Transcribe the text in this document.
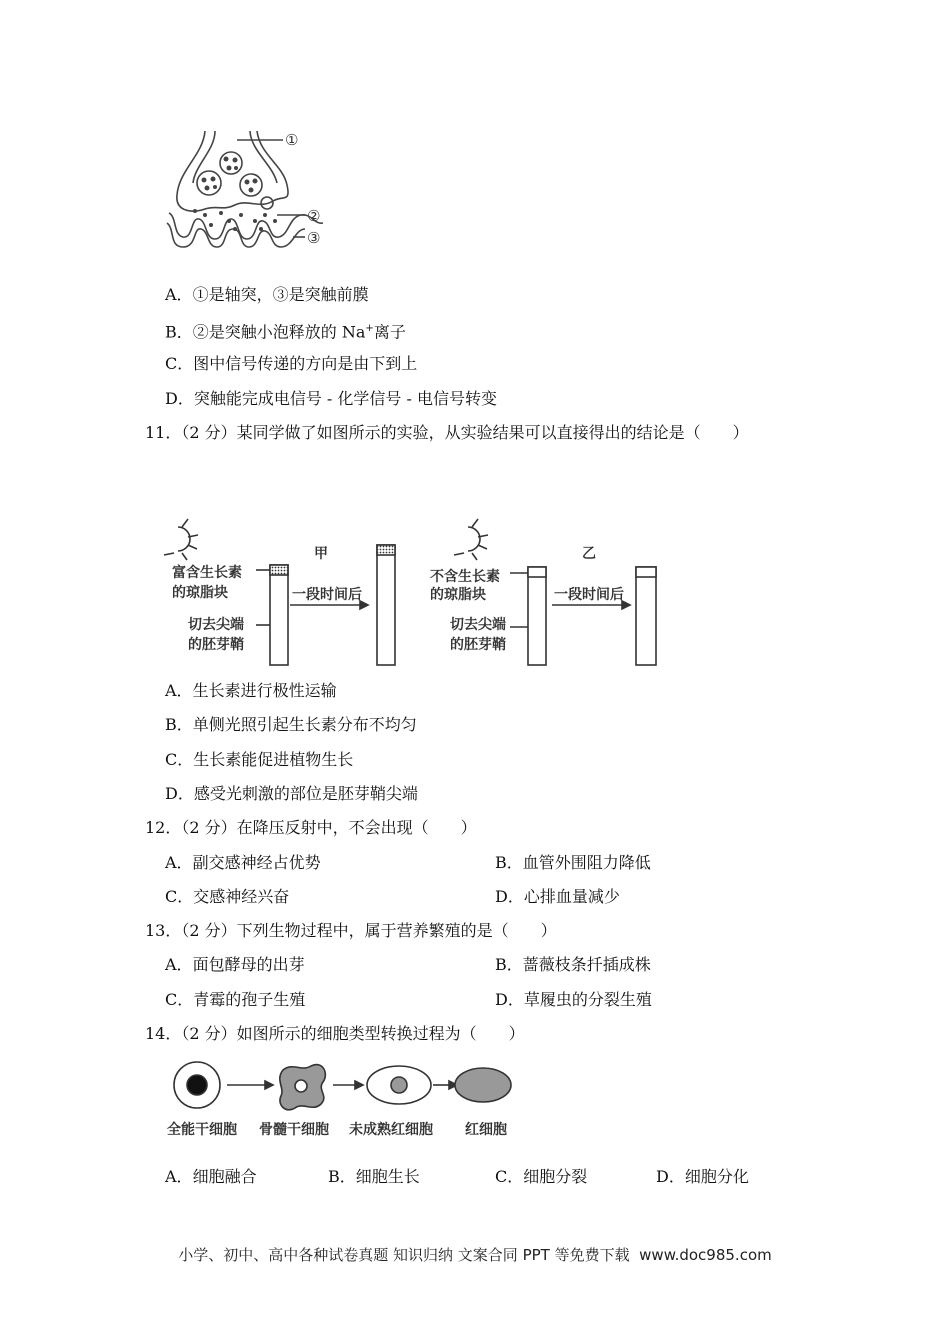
①
②
③
A．①是轴突，③是突触前膜
B．②是突触小泡释放的 Na+离子
C．图中信号传递的方向是由下到上
D．突触能完成电信号 - 化学信号 - 电信号转变
11．（2 分）某同学做了如图所示的实验，从实验结果可以直接得出的结论是（　　）
甲	乙
富含生长素
的琼脂块
切去尖端
的胚芽鞘
一段时间后
不含生长素
的琼脂块
切去尖端
的胚芽鞘
一段时间后
A．生长素进行极性运输
B．单侧光照引起生长素分布不均匀
C．生长素能促进植物生长
D．感受光刺激的部位是胚芽鞘尖端
12．（2 分）在降压反射中，不会出现（　　）
A．副交感神经占优势	B．血管外围阻力降低
C．交感神经兴奋	D．心排血量减少
13．（2 分）下列生物过程中，属于营养繁殖的是（　　）
A．面包酵母的出芽	B．蔷薇枝条扦插成株
C．青霉的孢子生殖	D．草履虫的分裂生殖
14．（2 分）如图所示的细胞类型转换过程为（　　）
全能干细胞 骨髓干细胞 未成熟红细胞 红细胞
A．细胞融合	B．细胞生长	C．细胞分裂	D．细胞分化
小学、初中、高中各种试卷真题 知识归纳 文案合同 PPT 等免费下载 www.doc985.com
